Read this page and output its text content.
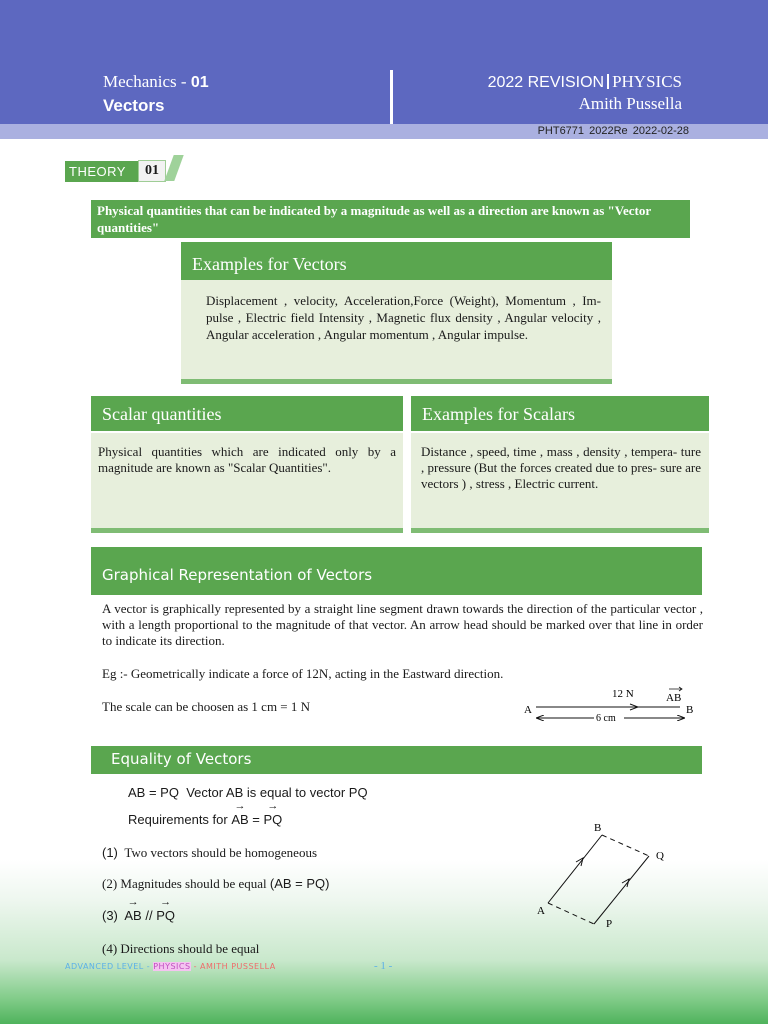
Mechanics - 01
Vectors
2022 REVISION PHYSICS
Amith Pussella
PHT6771 2022Re 2022-02-28
THEORY	01
Physical quantities that can be indicated by a magnitude as well as a direction are known as "Vector quantities"
Examples for Vectors
Displacement , velocity, Acceleration,Force (Weight), Momentum , Im- pulse , Electric field Intensity , Magnetic flux density , Angular velocity , Angular acceleration , Angular momentum , Angular impulse.
Scalar quantities
Physical quantities which are indicated only by a magnitude are known as "Scalar Quantities".
Examples for Scalars
Distance , speed, time , mass , density , tempera- ture , pressure (But the forces created due to pres- sure are vectors ) , stress , Electric current.
Graphical Representation of Vectors
A vector is graphically represented by a straight line segment drawn towards the direction of the particular vector , with a length proportional to the magnitude of that vector. An arrow head should be marked over that line in order to indicate its direction.
Eg :- Geometrically indicate a force of 12N, acting in the Eastward direction.
The scale can be choosen as 1 cm = 1 N	A	B
12 N	AB
6 cm
Equality of Vectors
AB = PQ Vector AB is equal to vector PQ
Requirements for → AB = → PQ
(1) Two vectors should be homogeneous
(2) Magnitudes should be equal (AB = PQ)
(3) → AB // → PQ
(4) Directions should be equal
A
B
P
Q
ADVANCED LEVEL - PHYSICS - AMITH PUSSELLA	- 1 -
